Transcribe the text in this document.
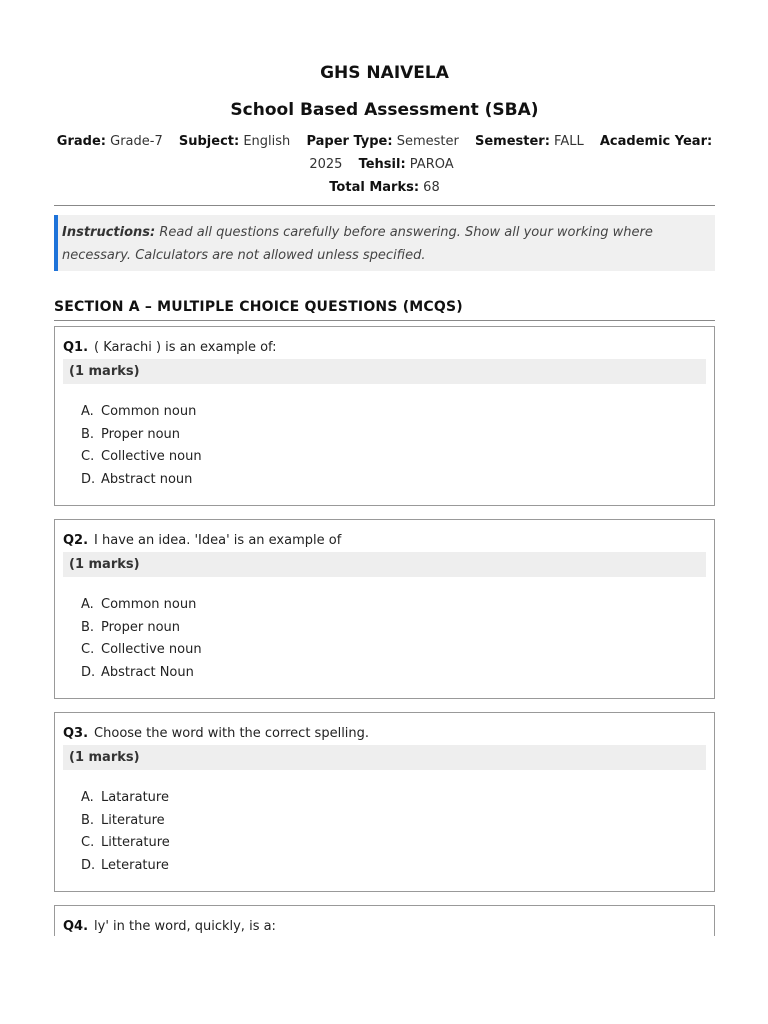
GHS NAIVELA
School Based Assessment (SBA)
Grade: Grade-7 Subject: English Paper Type: Semester Semester: FALL Academic Year: 2025 Tehsil: PAROA
Total Marks: 68
Instructions: Read all questions carefully before answering. Show all your working where necessary. Calculators are not allowed unless specified.
SECTION A – MULTIPLE CHOICE QUESTIONS (MCQS)
Q1. ( Karachi ) is an example of:
(1 marks)
A. Common noun
B. Proper noun
C. Collective noun
D. Abstract noun
Q2. I have an idea. 'Idea' is an example of
(1 marks)
A. Common noun
B. Proper noun
C. Collective noun
D. Abstract Noun
Q3. Choose the word with the correct spelling.
(1 marks)
A. Latarature
B. Literature
C. Litterature
D. Leterature
Q4. ly' in the word, quickly, is a:
